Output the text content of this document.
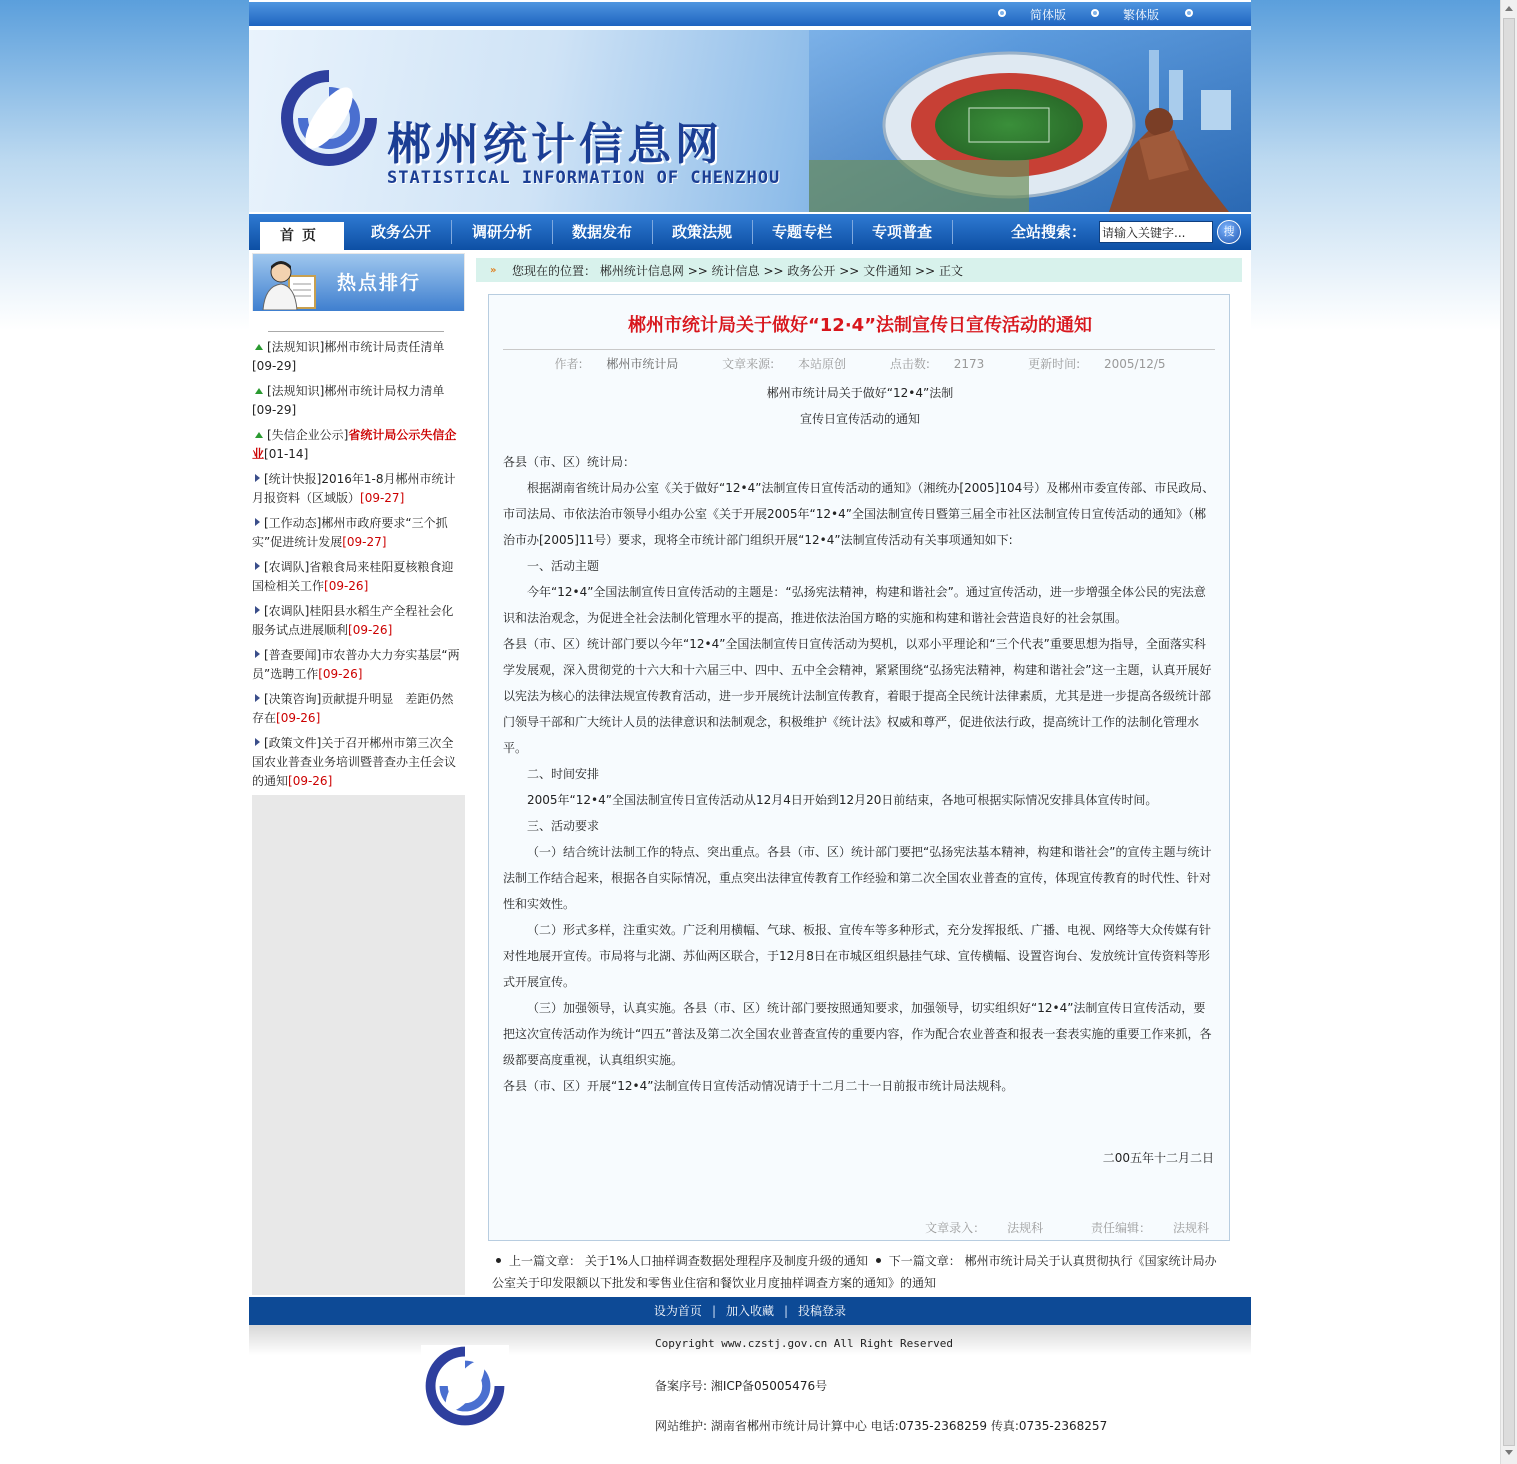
简体版	繁体版
郴州统计信息网
STATISTICAL INFORMATION OF CHENZHOU
首页	政务公开	调研分析	数据发布	政策法规	专题专栏	专项普查	全站搜索：
请输入关键字...	搜
热点排行
[法规知识]郴州市统计局责任清单
[09-29]
[法规知识]郴州市统计局权力清单
[09-29]
[失信企业公示]省统计局公示失信企业[01-14]
[统计快报]2016年1-8月郴州市统计月报资料（区域版）[09-27]
[工作动态]郴州市政府要求“三个抓实”促进统计发展[09-27]
[农调队]省粮食局来桂阳夏核粮食迎国检相关工作[09-26]
[农调队]桂阳县水稻生产全程社会化服务试点进展顺利[09-26]
[普查要闻]市农普办大力夯实基层“两员”选聘工作[09-26]
[决策咨询]贡献提升明显　差距仍然存在[09-26]
[政策文件]关于召开郴州市第三次全国农业普查业务培训暨普查办主任会议的通知[09-26]
» 您现在的位置： 郴州统计信息网 >> 统计信息 >> 政务公开 >> 文件通知 >> 正文
郴州市统计局关于做好“12·4”法制宣传日宣传活动的通知
作者: 郴州市统计局	文章来源: 本站原创	点击数: 2173	更新时间: 2005/12/5
郴州市统计局关于做好“12•4”法制
宣传日宣传活动的通知

各县（市、区）统计局：

根据湖南省统计局办公室《关于做好“12•4”法制宣传日宣传活动的通知》（湘统办[2005]104号）及郴州市委宣传部、市民政局、市司法局、市依法治市领导小组办公室《关于开展2005年“12•4”全国法制宣传日暨第三届全市社区法制宣传日宣传活动的通知》（郴治市办[2005]11号）要求，现将全市统计部门组织开展“12•4”法制宣传活动有关事项通知如下:

一、活动主题

今年“12•4”全国法制宣传日宣传活动的主题是：“弘扬宪法精神，构建和谐社会”。通过宣传活动，进一步增强全体公民的宪法意识和法治观念，为促进全社会法制化管理水平的提高，推进依法治国方略的实施和构建和谐社会营造良好的社会氛围。

各县（市、区）统计部门要以今年“12•4”全国法制宣传日宣传活动为契机，以邓小平理论和“三个代表”重要思想为指导，全面落实科学发展观，深入贯彻党的十六大和十六届三中、四中、五中全会精神，紧紧围绕“弘扬宪法精神，构建和谐社会”这一主题，认真开展好以宪法为核心的法律法规宣传教育活动，进一步开展统计法制宣传教育，着眼于提高全民统计法律素质，尤其是进一步提高各级统计部门领导干部和广大统计人员的法律意识和法制观念，积极维护《统计法》权威和尊严，促进依法行政，提高统计工作的法制化管理水平。

二、时间安排

2005年“12•4”全国法制宣传日宣传活动从12月4日开始到12月20日前结束，各地可根据实际情况安排具体宣传时间。

三、活动要求

（一）结合统计法制工作的特点、突出重点。各县（市、区）统计部门要把“弘扬宪法基本精神，构建和谐社会”的宣传主题与统计法制工作结合起来，根据各自实际情况，重点突出法律宣传教育工作经验和第二次全国农业普查的宣传，体现宣传教育的时代性、针对性和实效性。

（二）形式多样，注重实效。广泛利用横幅、气球、板报、宣传车等多种形式，充分发挥报纸、广播、电视、网络等大众传媒有针对性地展开宣传。市局将与北湖、苏仙两区联合，于12月8日在市城区组织悬挂气球、宣传横幅、设置咨询台、发放统计宣传资料等形式开展宣传。

（三）加强领导，认真实施。各县（市、区）统计部门要按照通知要求，加强领导，切实组织好“12•4”法制宣传日宣传活动，要把这次宣传活动作为统计“四五”普法及第二次全国农业普查宣传的重要内容，作为配合农业普查和报表一套表实施的重要工作来抓，各级都要高度重视，认真组织实施。

各县（市、区）开展“12•4”法制宣传日宣传活动情况请于十二月二十一日前报市统计局法规科。

二00五年十二月二日
文章录入： 法规科	责任编辑： 法规科
上一篇文章： 关于1%人口抽样调查数据处理程序及制度升级的通知 下一篇文章： 郴州市统计局关于认真贯彻执行《国家统计局办公室关于印发限额以下批发和零售业住宿和餐饮业月度抽样调查方案的通知》的通知
设为首页 | 加入收藏 | 投稿登录
Copyright www.czstj.gov.cn All Right Reserved
备案序号: 湘ICP备05005476号
网站维护: 湖南省郴州市统计局计算中心 电话:0735-2368259 传真:0735-2368257
